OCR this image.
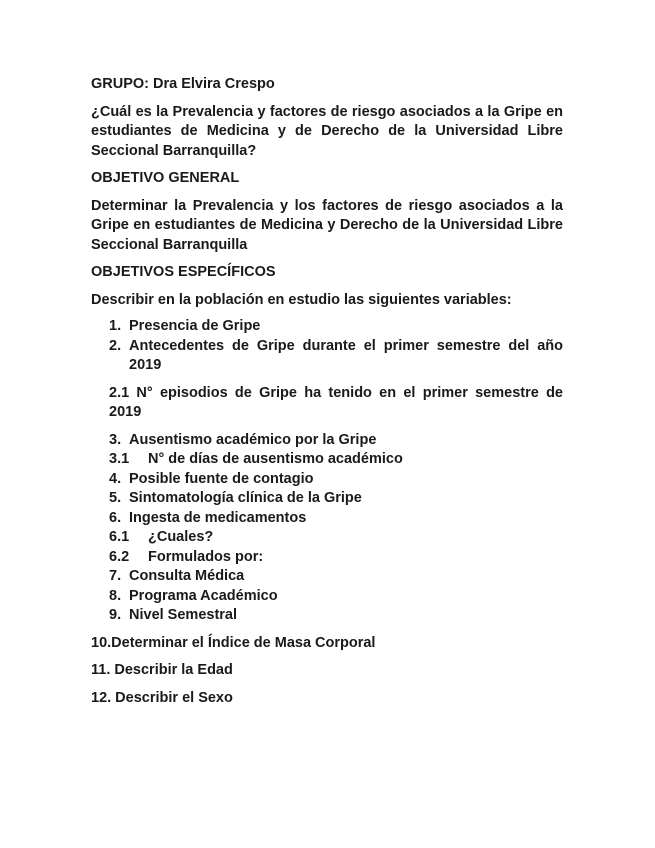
GRUPO: Dra Elvira Crespo

¿Cuál es la Prevalencia y factores de riesgo asociados a la Gripe en estudiantes de Medicina y de Derecho de la Universidad Libre Seccional Barranquilla?

OBJETIVO GENERAL

Determinar la Prevalencia y los factores de riesgo asociados a la Gripe en estudiantes de Medicina y Derecho de la Universidad Libre Seccional Barranquilla

OBJETIVOS ESPECÍFICOS

Describir en la población en estudio las siguientes variables:

1. Presencia de Gripe
2. Antecedentes de Gripe durante el primer semestre del año 2019

2.1 N° episodios de Gripe ha tenido en el primer semestre de 2019

3. Ausentismo académico por la Gripe
3.1 N° de días de ausentismo académico
4. Posible fuente de contagio
5. Sintomatología clínica de la Gripe
6. Ingesta de medicamentos
6.1 ¿Cuales?
6.2 Formulados por:
7. Consulta Médica
8. Programa Académico
9. Nivel Semestral

10.Determinar el Índice de Masa Corporal

11. Describir la Edad

12. Describir el Sexo
